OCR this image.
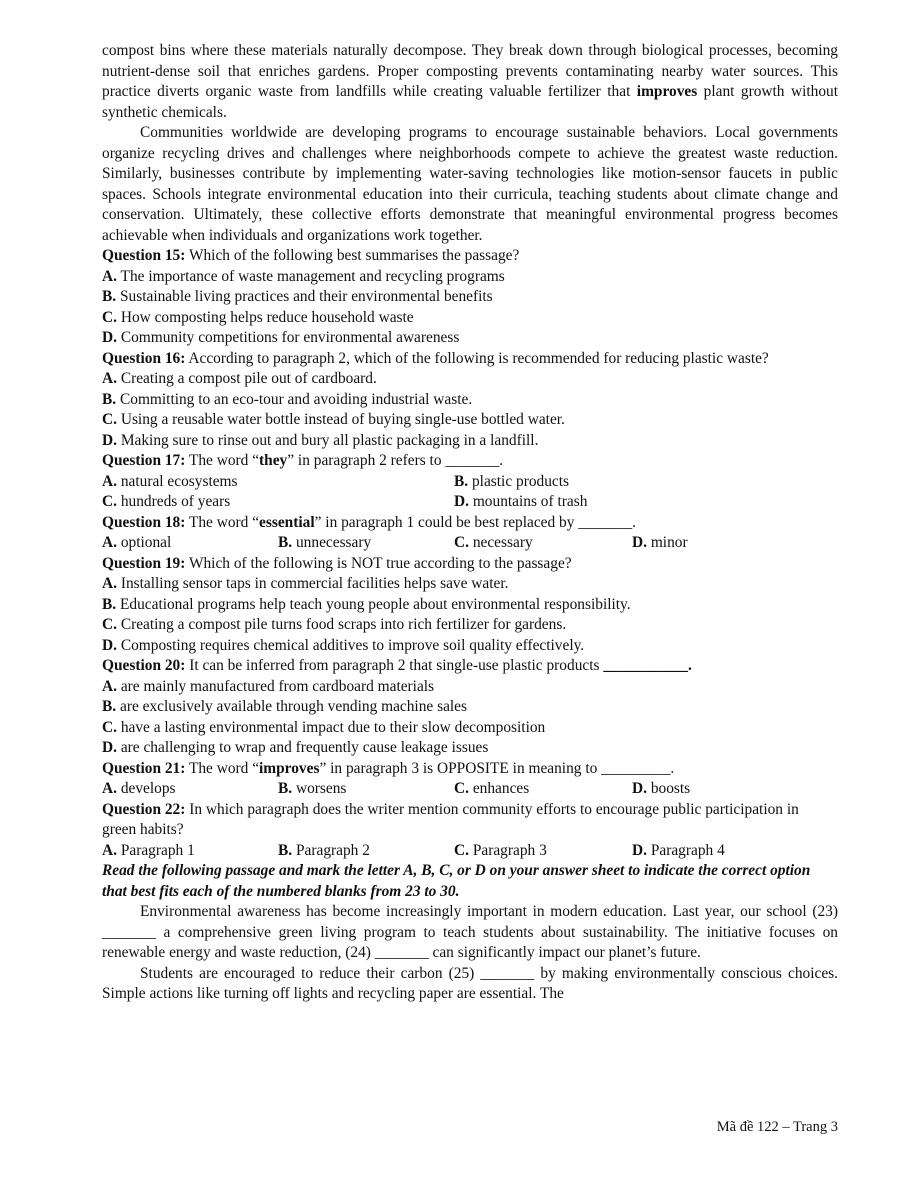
compost bins where these materials naturally decompose. They break down through biological processes, becoming nutrient-dense soil that enriches gardens. Proper composting prevents contaminating nearby water sources. This practice diverts organic waste from landfills while creating valuable fertilizer that improves plant growth without synthetic chemicals.

Communities worldwide are developing programs to encourage sustainable behaviors. Local governments organize recycling drives and challenges where neighborhoods compete to achieve the greatest waste reduction. Similarly, businesses contribute by implementing water-saving technologies like motion-sensor faucets in public spaces. Schools integrate environmental education into their curricula, teaching students about climate change and conservation. Ultimately, these collective efforts demonstrate that meaningful environmental progress becomes achievable when individuals and organizations work together.

Question 15: Which of the following best summarises the passage?

A. The importance of waste management and recycling programs

B. Sustainable living practices and their environmental benefits

C. How composting helps reduce household waste

D. Community competitions for environmental awareness

Question 16: According to paragraph 2, which of the following is recommended for reducing plastic waste?

A. Creating a compost pile out of cardboard.

B. Committing to an eco-tour and avoiding industrial waste.

C. Using a reusable water bottle instead of buying single-use bottled water.

D. Making sure to rinse out and bury all plastic packaging in a landfill.

Question 17: The word “they” in paragraph 2 refers to _______.

A. natural ecosystems	B. plastic products

C. hundreds of years	D. mountains of trash

Question 18: The word “essential” in paragraph 1 could be best replaced by _______.

A. optional	B. unnecessary	C. necessary	D. minor

Question 19: Which of the following is NOT true according to the passage?

A. Installing sensor taps in commercial facilities helps save water.

B. Educational programs help teach young people about environmental responsibility.

C. Creating a compost pile turns food scraps into rich fertilizer for gardens.

D. Composting requires chemical additives to improve soil quality effectively.

Question 20: It can be inferred from paragraph 2 that single-use plastic products ___________.

A. are mainly manufactured from cardboard materials

B. are exclusively available through vending machine sales

C. have a lasting environmental impact due to their slow decomposition

D. are challenging to wrap and frequently cause leakage issues

Question 21: The word “improves” in paragraph 3 is OPPOSITE in meaning to _________.

A. develops	B. worsens	C. enhances	D. boosts

Question 22: In which paragraph does the writer mention community efforts to encourage public participation in green habits?

A. Paragraph 1	B. Paragraph 2	C. Paragraph 3	D. Paragraph 4

Read the following passage and mark the letter A, B, C, or D on your answer sheet to indicate the correct option that best fits each of the numbered blanks from 23 to 30.

Environmental awareness has become increasingly important in modern education. Last year, our school (23) _______ a comprehensive green living program to teach students about sustainability. The initiative focuses on renewable energy and waste reduction, (24) _______ can significantly impact our planet’s future.

Students are encouraged to reduce their carbon (25) _______ by making environmentally conscious choices. Simple actions like turning off lights and recycling paper are essential. The

Mã đề 122 – Trang 3
